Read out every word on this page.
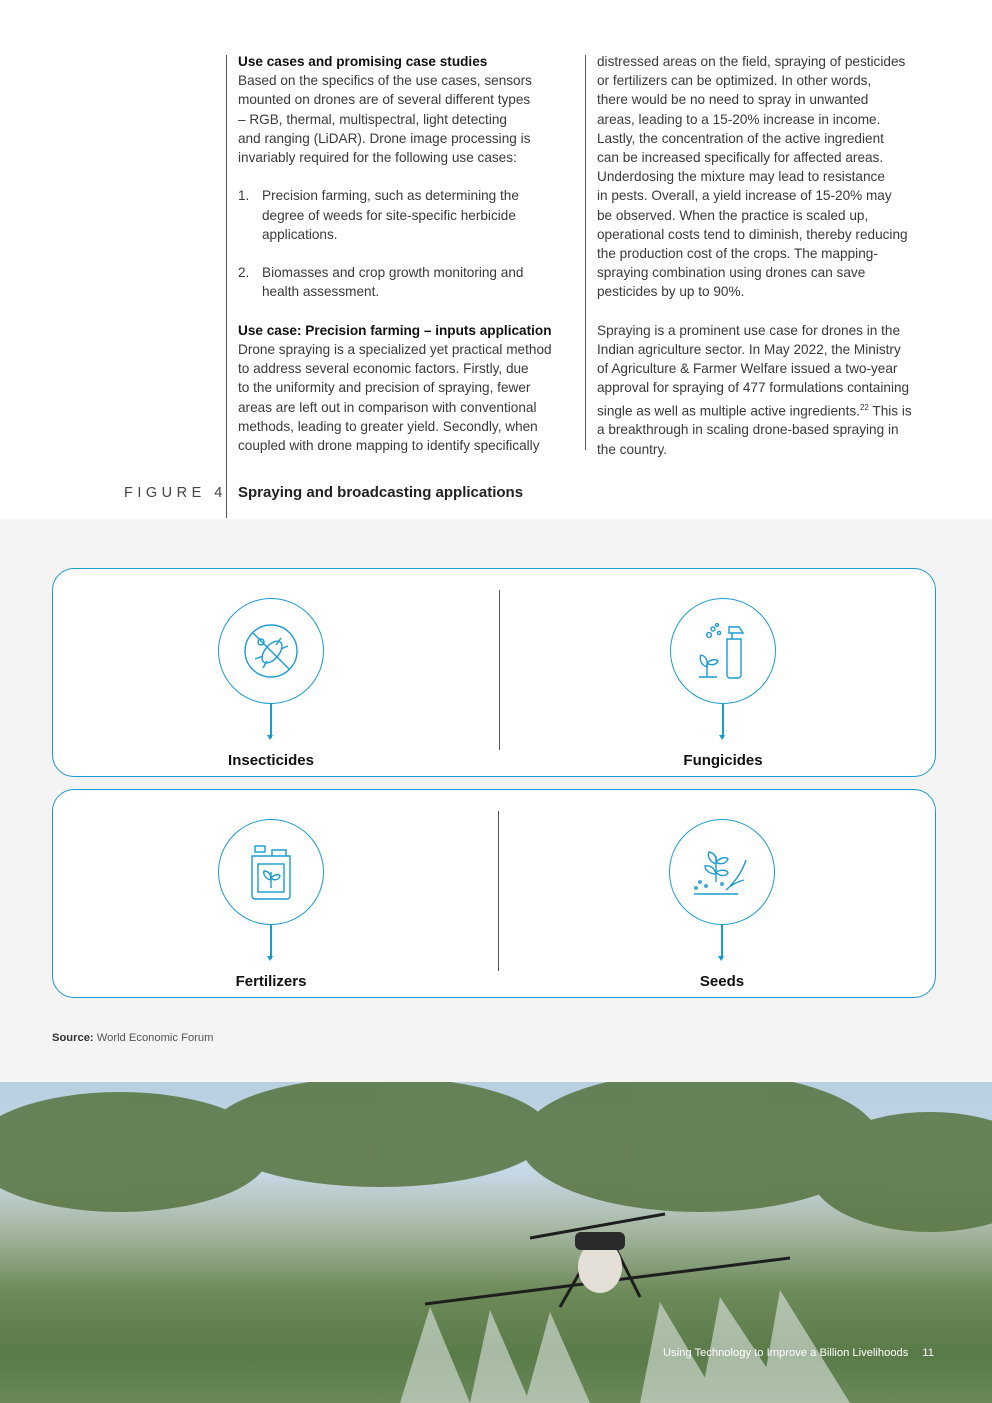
Use cases and promising case studies

Based on the specifics of the use cases, sensors

mounted on drones are of several different types

– RGB, thermal, multispectral, light detecting

and ranging (LiDAR). Drone image processing is

invariably required for the following use cases:

1. Precision farming, such as determining the

degree of weeds for site-specific herbicide

applications.

2. Biomasses and crop growth monitoring and

health assessment.

Use case: Precision farming – inputs application

Drone spraying is a specialized yet practical method

to address several economic factors. Firstly, due

to the uniformity and precision of spraying, fewer

areas are left out in comparison with conventional

methods, leading to greater yield. Secondly, when

coupled with drone mapping to identify specifically

distressed areas on the field, spraying of pesticides

or fertilizers can be optimized. In other words,

there would be no need to spray in unwanted

areas, leading to a 15-20% increase in income.

Lastly, the concentration of the active ingredient

can be increased specifically for affected areas.

Underdosing the mixture may lead to resistance

in pests. Overall, a yield increase of 15-20% may

be observed. When the practice is scaled up,

operational costs tend to diminish, thereby reducing

the production cost of the crops. The mapping-

spraying combination using drones can save

pesticides by up to 90%.

Spraying is a prominent use case for drones in the

Indian agriculture sector. In May 2022, the Ministry

of Agriculture & Farmer Welfare issued a two-year

approval for spraying of 477 formulations containing

single as well as multiple active ingredients.$^{22}$ This is

a breakthrough in scaling drone-based spraying in

the country.

FIGURE 4 Spraying and broadcasting applications
Insecticides	Fungicides
Fertilizers	Seeds
Source: World Economic Forum
Using Technology to Improve a Billion Livelihoods 11
